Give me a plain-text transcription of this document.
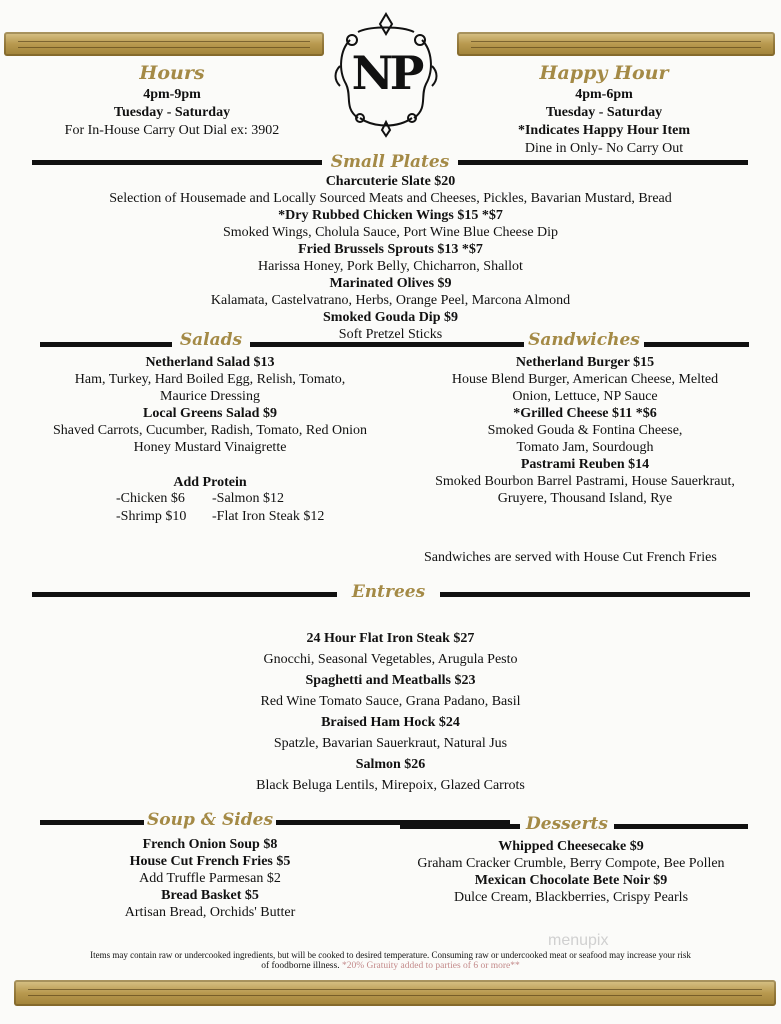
NP
Hours
4pm-9pm
Tuesday - Saturday
For In-House Carry Out Dial ex: 3902
Happy Hour
4pm-6pm
Tuesday - Saturday
*Indicates Happy Hour Item
Dine in Only- No Carry Out
Small Plates
Charcuterie Slate $20
Selection of Housemade and Locally Sourced Meats and Cheeses, Pickles, Bavarian Mustard, Bread
*Dry Rubbed Chicken Wings $15 *$7
Smoked Wings, Cholula Sauce, Port Wine Blue Cheese Dip
Fried Brussels Sprouts $13 *$7
Harissa Honey, Pork Belly, Chicharron, Shallot
Marinated Olives $9
Kalamata, Castelvatrano, Herbs, Orange Peel, Marcona Almond
Smoked Gouda Dip $9
Soft Pretzel Sticks
Salads	Sandwiches
Netherland Salad $13
Ham, Turkey, Hard Boiled Egg, Relish, Tomato,
Maurice Dressing
Local Greens Salad $9
Shaved Carrots, Cucumber, Radish, Tomato, Red Onion
Honey Mustard Vinaigrette
Add Protein
-Chicken $6 -Salmon $12
-Shrimp $10 -Flat Iron Steak $12
Netherland Burger $15
House Blend Burger, American Cheese, Melted
Onion, Lettuce, NP Sauce
*Grilled Cheese $11 *$6
Smoked Gouda & Fontina Cheese,
Tomato Jam, Sourdough
Pastrami Reuben $14
Smoked Bourbon Barrel Pastrami, House Sauerkraut,
Gruyere, Thousand Island, Rye
Sandwiches are served with House Cut French Fries
Entrees
24 Hour Flat Iron Steak $27
Gnocchi, Seasonal Vegetables, Arugula Pesto
Spaghetti and Meatballs $23
Red Wine Tomato Sauce, Grana Padano, Basil
Braised Ham Hock $24
Spatzle, Bavarian Sauerkraut, Natural Jus
Salmon $26
Black Beluga Lentils, Mirepoix, Glazed Carrots
Soup & Sides	Desserts
French Onion Soup $8
House Cut French Fries $5
Add Truffle Parmesan $2
Bread Basket $5
Artisan Bread, Orchids' Butter
Whipped Cheesecake $9
Graham Cracker Crumble, Berry Compote, Bee Pollen
Mexican Chocolate Bete Noir $9
Dulce Cream, Blackberries, Crispy Pearls
menupix
Items may contain raw or undercooked ingredients, but will be cooked to desired temperature. Consuming raw or undercooked meat or seafood may increase your risk
of foodborne illness. *20% Gratuity added to parties of 6 or more**
